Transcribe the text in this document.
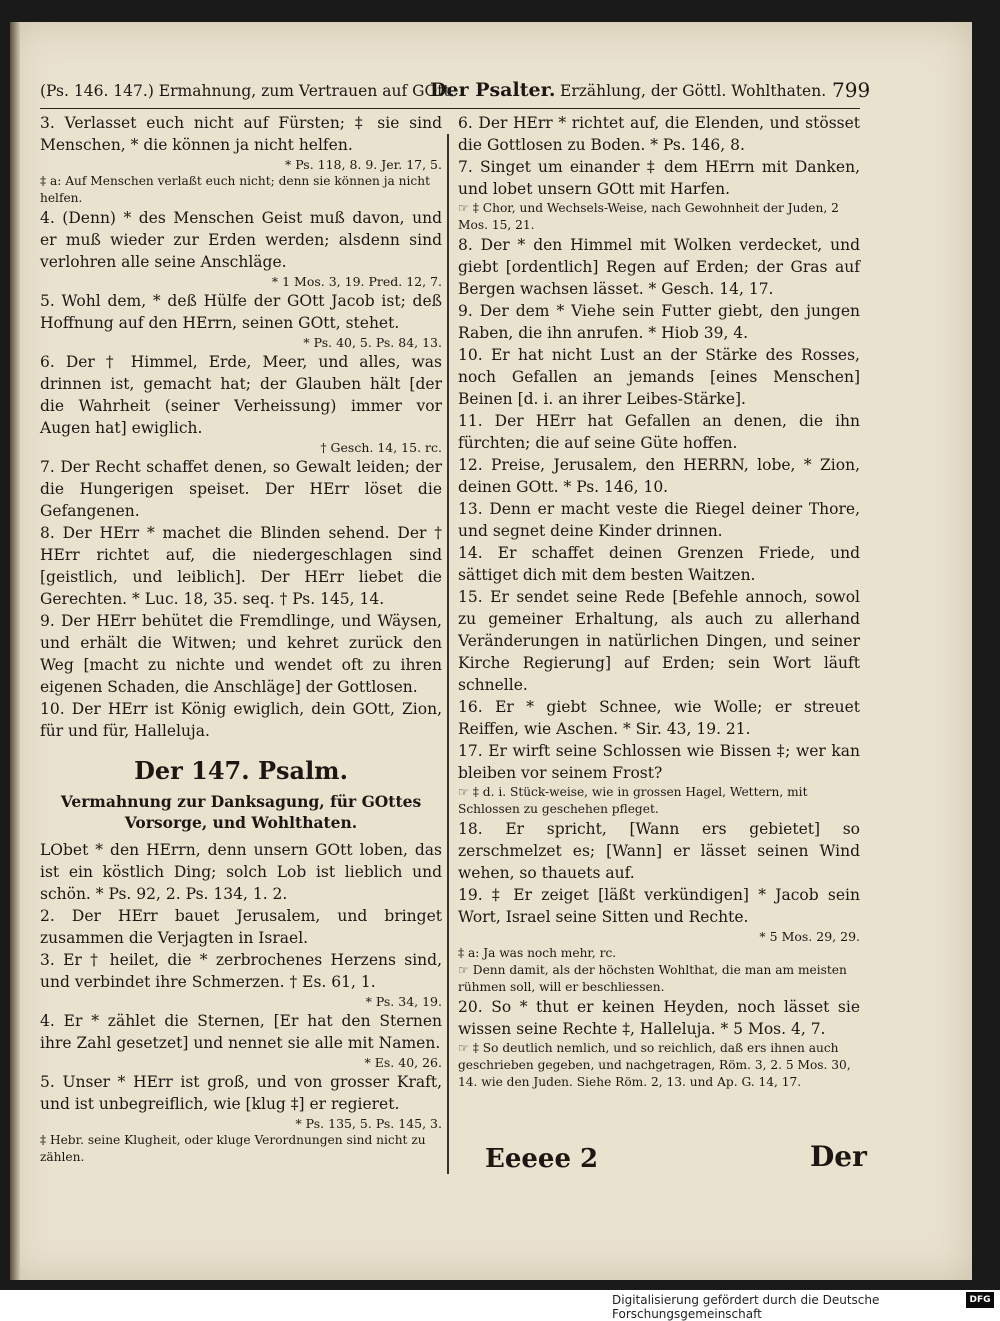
(Ps. 146. 147.) Ermahnung, zum Vertrauen auf GOtt.
Der Psalter. Erzählung, der Göttl. Wohlthaten. 799

3. Verlasset euch nicht auf Fürsten; ‡ sie sind Menschen, * die können ja nicht helfen.

* Ps. 118, 8. 9. Jer. 17, 5.

‡ a: Auf Menschen verlaßt euch nicht; denn sie können ja nicht helfen.

4. (Denn) * des Menschen Geist muß davon, und er muß wieder zur Erden werden; alsdenn sind verlohren alle seine Anschläge.

* 1 Mos. 3, 19. Pred. 12, 7.

5. Wohl dem, * deß Hülfe der GOtt Jacob ist; deß Hoffnung auf den HErrn, seinen GOtt, stehet.

* Ps. 40, 5. Ps. 84, 13.

6. Der † Himmel, Erde, Meer, und alles, was drinnen ist, gemacht hat; der Glauben hält [der die Wahrheit (seiner Verheissung) immer vor Augen hat] ewiglich.

† Gesch. 14, 15. rc.

7. Der Recht schaffet denen, so Gewalt leiden; der die Hungerigen speiset. Der HErr löset die Gefangenen.

8. Der HErr * machet die Blinden sehend. Der † HErr richtet auf, die niedergeschlagen sind [geistlich, und leiblich]. Der HErr liebet die Gerechten. * Luc. 18, 35. seq. † Ps. 145, 14.

9. Der HErr behütet die Fremdlinge, und Wäysen, und erhält die Witwen; und kehret zurück den Weg [macht zu nichte und wendet oft zu ihren eigenen Schaden, die Anschläge] der Gottlosen.

10. Der HErr ist König ewiglich, dein GOtt, Zion, für und für, Halleluja.

Der 147. Psalm.
Vermahnung zur Danksagung, für GOttes Vorsorge, und Wohlthaten.

LObet * den HErrn, denn unsern GOtt loben, das ist ein köstlich Ding; solch Lob ist lieblich und schön. * Ps. 92, 2. Ps. 134, 1. 2.

2. Der HErr bauet Jerusalem, und bringet zusammen die Verjagten in Israel.

3. Er † heilet, die * zerbrochenes Herzens sind, und verbindet ihre Schmerzen. † Es. 61, 1.

* Ps. 34, 19.

4. Er * zählet die Sternen, [Er hat den Sternen ihre Zahl gesetzet] und nennet sie alle mit Namen.

* Es. 40, 26.

5. Unser * HErr ist groß, und von grosser Kraft, und ist unbegreiflich, wie [klug ‡] er regieret.

* Ps. 135, 5. Ps. 145, 3.

‡ Hebr. seine Klugheit, oder kluge Verordnungen sind nicht zu zählen.

6. Der HErr * richtet auf, die Elenden, und stösset die Gottlosen zu Boden. * Ps. 146, 8.

7. Singet um einander ‡ dem HErrn mit Danken, und lobet unsern GOtt mit Harfen.

☞ ‡ Chor, und Wechsels-Weise, nach Gewohnheit der Juden, 2 Mos. 15, 21.

8. Der * den Himmel mit Wolken verdecket, und giebt [ordentlich] Regen auf Erden; der Gras auf Bergen wachsen lässet. * Gesch. 14, 17.

9. Der dem * Viehe sein Futter giebt, den jungen Raben, die ihn anrufen. * Hiob 39, 4.

10. Er hat nicht Lust an der Stärke des Rosses, noch Gefallen an jemands [eines Menschen] Beinen [d. i. an ihrer Leibes-Stärke].

11. Der HErr hat Gefallen an denen, die ihn fürchten; die auf seine Güte hoffen.

12. Preise, Jerusalem, den HERRN, lobe, * Zion, deinen GOtt. * Ps. 146, 10.

13. Denn er macht veste die Riegel deiner Thore, und segnet deine Kinder drinnen.

14. Er schaffet deinen Grenzen Friede, und sättiget dich mit dem besten Waitzen.

15. Er sendet seine Rede [Befehle annoch, sowol zu gemeiner Erhaltung, als auch zu allerhand Veränderungen in natürlichen Dingen, und seiner Kirche Regierung] auf Erden; sein Wort läuft schnelle.

16. Er * giebt Schnee, wie Wolle; er streuet Reiffen, wie Aschen. * Sir. 43, 19. 21.

17. Er wirft seine Schlossen wie Bissen ‡; wer kan bleiben vor seinem Frost?

☞ ‡ d. i. Stück-weise, wie in grossen Hagel, Wettern, mit Schlossen zu geschehen pfleget.

18. Er spricht, [Wann ers gebietet] so zerschmelzet es; [Wann] er lässet seinen Wind wehen, so thauets auf.

19. ‡ Er zeiget [läßt verkündigen] * Jacob sein Wort, Israel seine Sitten und Rechte.

* 5 Mos. 29, 29.

‡ a: Ja was noch mehr, rc.

☞ Denn damit, als der höchsten Wohlthat, die man am meisten rühmen soll, will er beschliessen.

20. So * thut er keinen Heyden, noch lässet sie wissen seine Rechte ‡, Halleluja. * 5 Mos. 4, 7.

☞ ‡ So deutlich nemlich, und so reichlich, daß ers ihnen auch geschrieben gegeben, und nachgetragen, Röm. 3, 2. 5 Mos. 30, 14. wie den Juden. Siehe Röm. 2, 13. und Ap. G. 14, 17.

Eeeee 2	Der
Digitalisierung gefördert durch die Deutsche Forschungsgemeinschaft
DFG
